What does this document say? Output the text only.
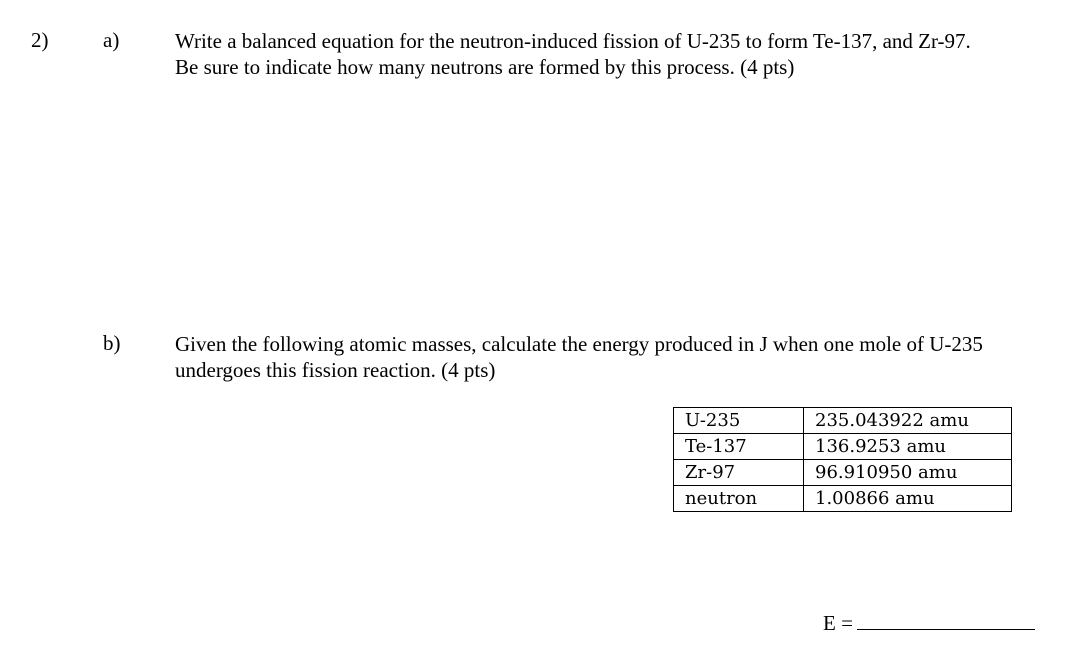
2)	a)	Write a balanced equation for the neutron-induced fission of U-235 to form Te-137, and Zr-97.
Be sure to indicate how many neutrons are formed by this process. (4 pts)
b)	Given the following atomic masses, calculate the energy produced in J when one mole of U-235
undergoes this fission reaction. (4 pts)
U-235	235.043922 amu
Te-137	136.9253 amu
Zr-97	96.910950 amu
neutron	1.00866 amu
E =
